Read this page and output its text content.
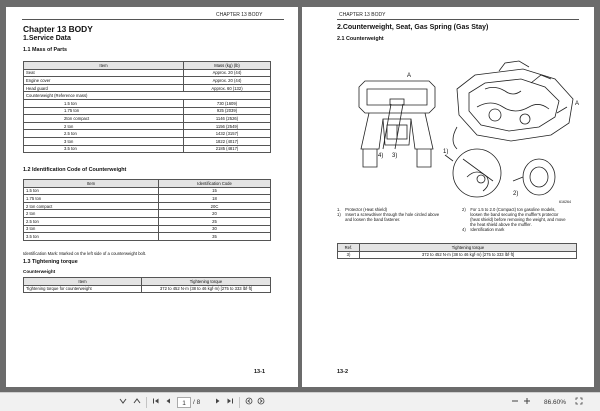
CHAPTER 13 BODY
Chapter 13 BODY
1.Service Data
1.1 Mass of Parts
Item	Mass (kg) (lb)
Seat	Approx. 20 (44)
Engine cover	Approx. 20 (44)
Head guard	Approx. 60 (132)
Counterweight (Reference mass)	
1.5 ton	730 (1609)
1.75 ton	925 (2039)
2ton compact	1146 (2526)
2 ton	1156 (2549)
2.5 ton	1432 (3157)
3 ton	1822 (4017)
3.5 ton	2185 (4817)
1.2 Identification Code of Counterweight
Item	Identification Code
1.5 ton	15
1.75 ton	18
2 ton compact	20C
2 ton	20
2.5 ton	25
3 ton	30
3.5 ton	35
Identification Mark: Marked on the left side of a counterweight bolt.
1.3 Tightening torque
Counterweight
Item	Tightening torque
Tightening torque for counterweight	372 to 452 N·m (38 to 46 kgf·m) [275 to 333 lbf·ft]
13-1
CHAPTER 13 BODY
2.Counterweight, Seat, Gas Spring (Gas Stay)
2.1 Counterweight
A
A
4) 3)
1)
2)
616264
1.    Protector (Heat shield)
1)    Insert a screwdriver through the hole circled above
and loosen the band fastener.
2)    For 1.5 to 2.0 (Compact) ton gasoline models,
loosen the band securing the muffler's protector
(heat shield) before removing the weight, and move
the heat shield above the muffler.
4)    Identification mark
Ref.	Tightening torque
3)	372 to 452 N·m (38 to 46 kgf·m) [275 to 333 lbf·ft]
13-2
1	/ 8	86.60%
